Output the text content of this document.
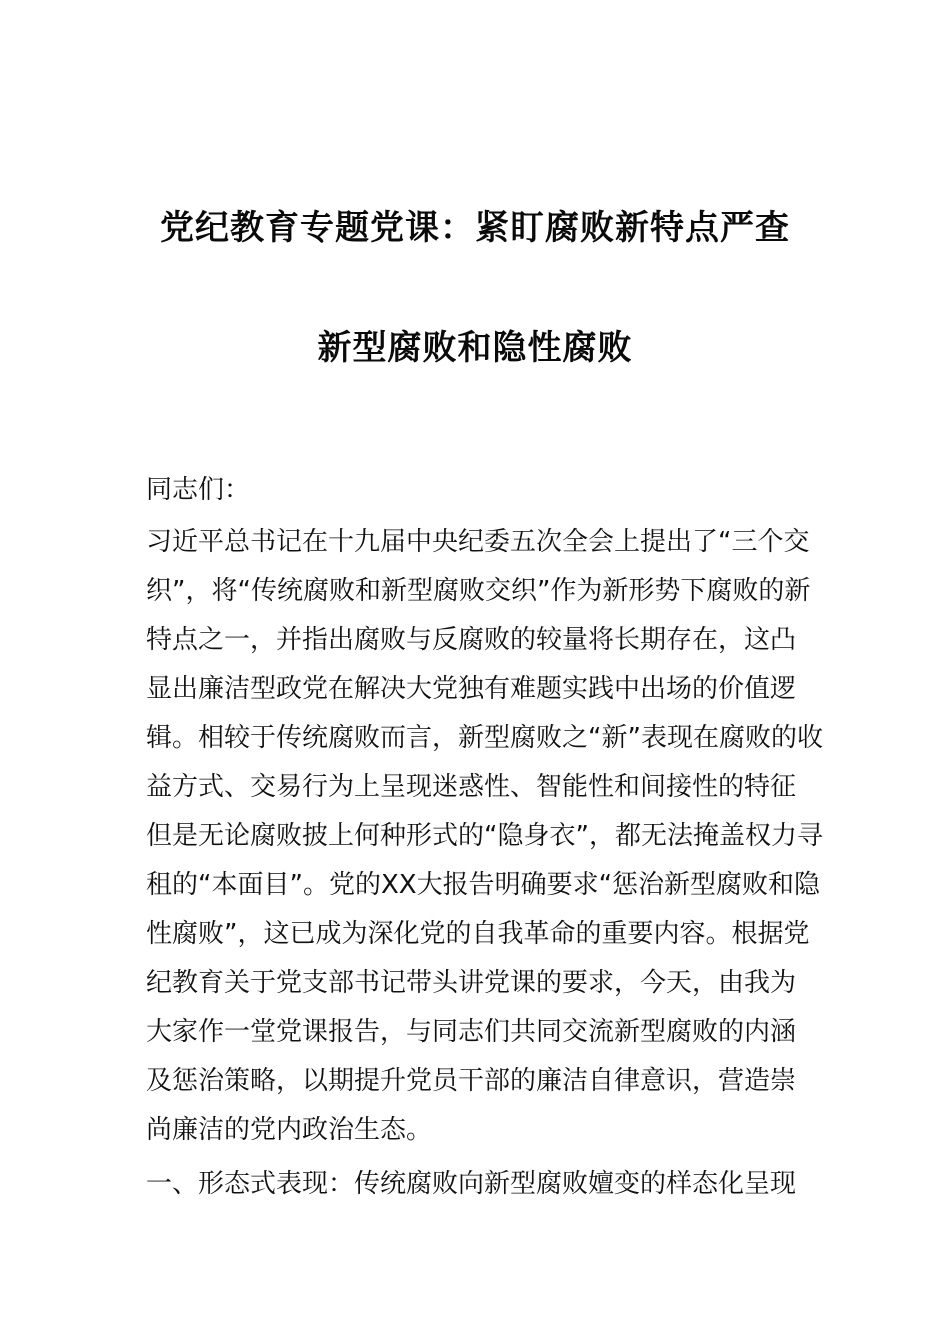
党纪教育专题党课：紧盯腐败新特点严查
新型腐败和隐性腐败
同志们：
习近平总书记在十九届中央纪委五次全会上提出了“三个交
织”，将“传统腐败和新型腐败交织”作为新形势下腐败的新
特点之一，并指出腐败与反腐败的较量将长期存在，这凸
显出廉洁型政党在解决大党独有难题实践中出场的价值逻
辑。相较于传统腐败而言，新型腐败之“新”表现在腐败的收
益方式、交易行为上呈现迷惑性、智能性和间接性的特征
但是无论腐败披上何种形式的“隐身衣”，都无法掩盖权力寻
租的“本面目”。党的XX大报告明确要求“惩治新型腐败和隐
性腐败”，这已成为深化党的自我革命的重要内容。根据党
纪教育关于党支部书记带头讲党课的要求，今天，由我为
大家作一堂党课报告，与同志们共同交流新型腐败的内涵
及惩治策略，以期提升党员干部的廉洁自律意识，营造崇
尚廉洁的党内政治生态。
一、形态式表现：传统腐败向新型腐败嬗变的样态化呈现
